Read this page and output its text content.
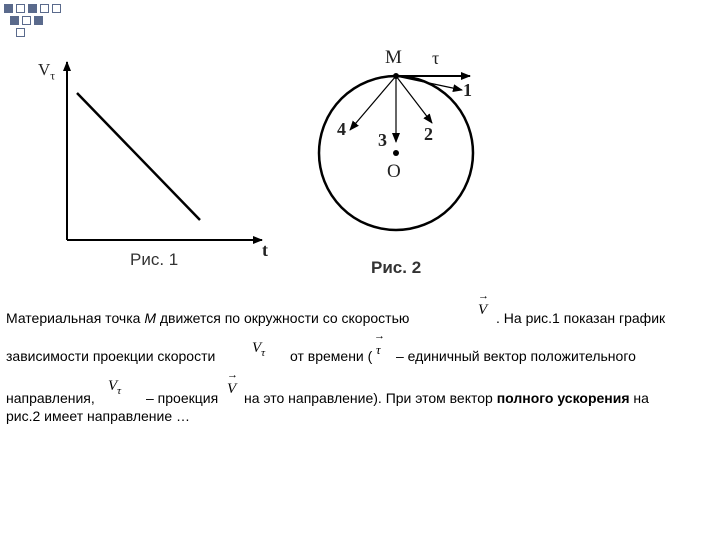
$V_\tau$
t
Рис. 1
M τ
1
2
3
4
O
Рис. 2
Материальная точка M движется по окружности со скоростью
→
V . На рис.1 показан график
зависимости проекции скорости $V_\tau$ от времени (
→
τ – единичный вектор положительного
направления,
$V_\tau$ – проекция
→
V
на это направление). При этом вектор полного ускорения на
рис.2 имеет направление …
